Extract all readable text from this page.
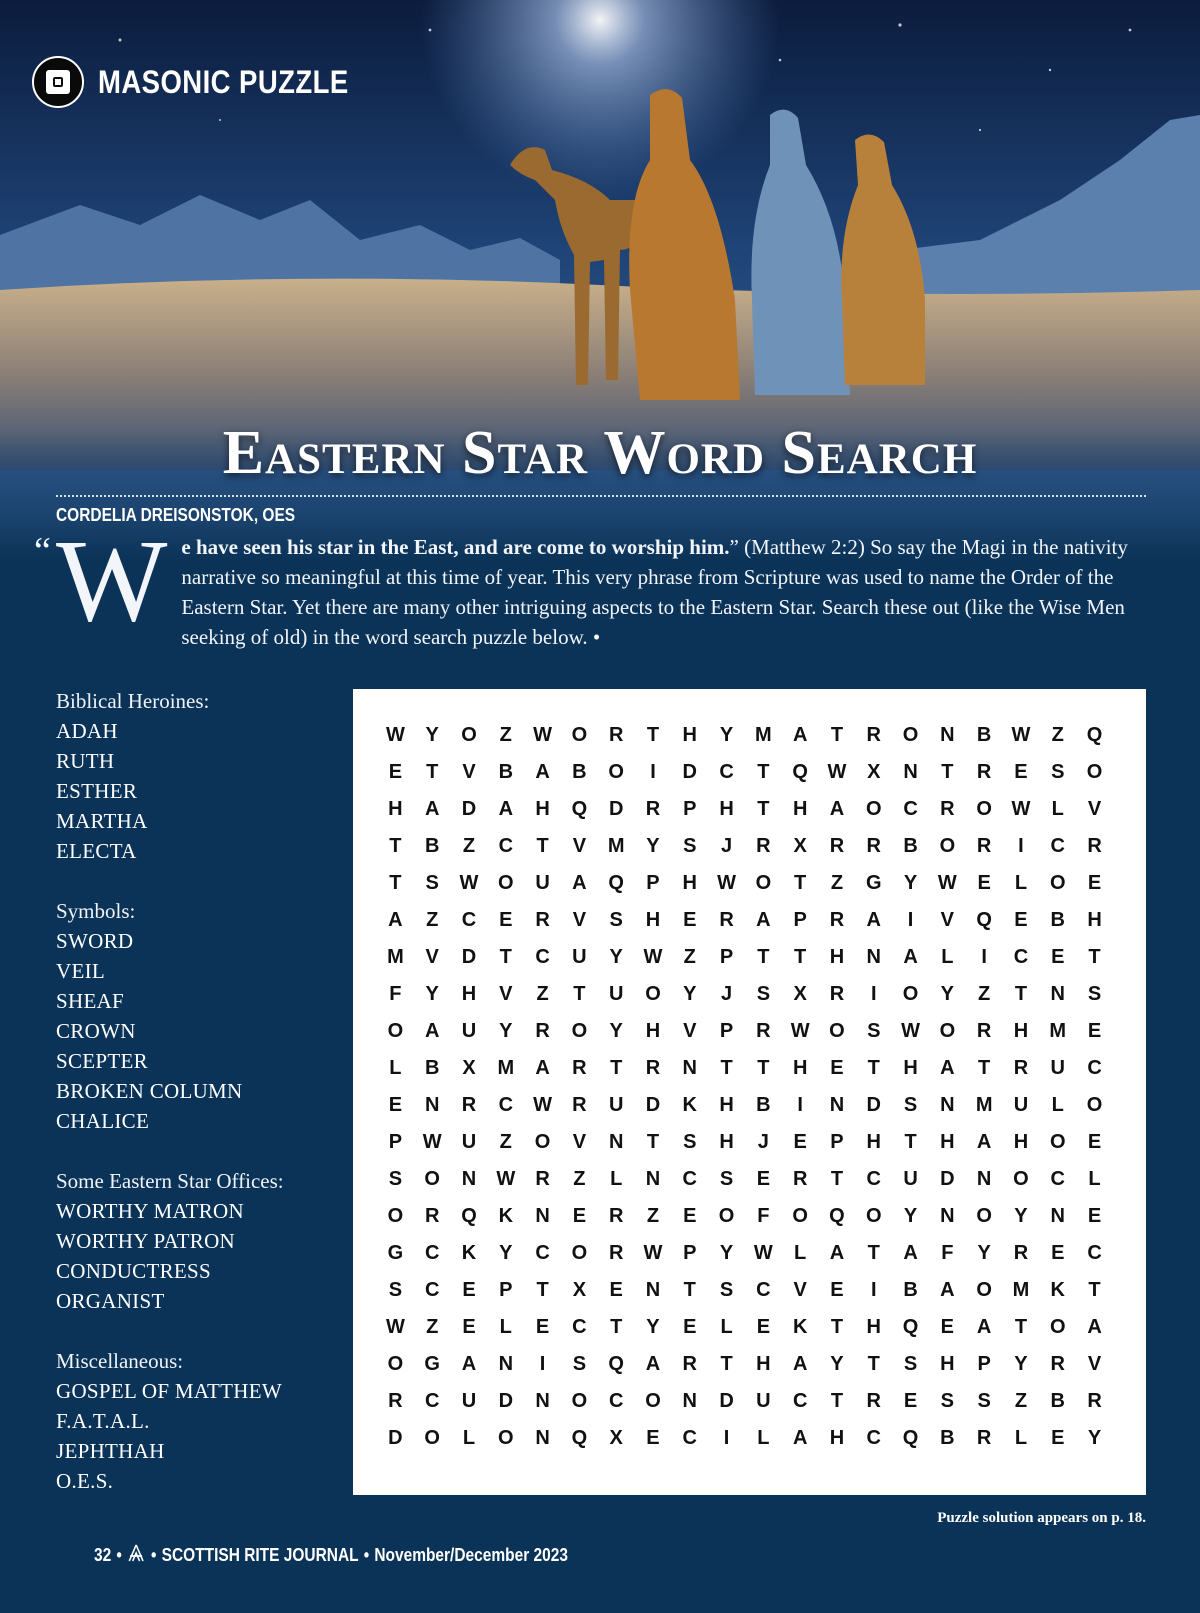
MASONIC PUZZLE
Eastern Star Word Search
CORDELIA DREISONSTOK, OES
“ W e have seen his star in the East, and are come to worship him.” (Matthew 2:2) So say the Magi in the nativity narrative so meaningful at this time of year. This very phrase from Scripture was used to name the Order of the Eastern Star. Yet there are many other intriguing aspects to the Eastern Star. Search these out (like the Wise Men seeking of old) in the word search puzzle below. •
Biblical Heroines:
ADAH
RUTH
ESTHER
MARTHA
ELECTA
Symbols:
SWORD
VEIL
SHEAF
CROWN
SCEPTER
BROKEN COLUMN
CHALICE
Some Eastern Star Offices:
WORTHY MATRON
WORTHY PATRON
CONDUCTRESS
ORGANIST
Miscellaneous:
GOSPEL OF MATTHEW
F.A.T.A.L.
JEPHTHAH
O.E.S.
W	Y	O	Z	W O	R	T	H	Y	M	A	T	R	O	N	B	W	Z	Q
E	T	V	B	A	B	O	I	D	C	T	Q W	X	N	T	R	E	S	O
H	A	D	A	H	Q	D	R	P	H	T	H	A	O	C	R	O W	L	V
T	B	Z	C	T	V	M	Y	S	J	R	X	R	R	B	O	R	I	C	R
T	S	W O	U	A	Q	P	H	W O	T	Z	G	Y	W	E	L	O	E
A	Z	C	E	R	V	S	H	E	R	A	P	R	A	I	V	Q	E	B	H
M	V	D	T	C	U	Y	W	Z	P	T	T	H	N	A	L	I	C	E	T
F	Y	H	V	Z	T	U	O	Y	J	S	X	R	I	O	Y	Z	T	N	S
O	A	U	Y	R	O	Y	H	V	P	R	W O	S	W O	R	H	M	E
L	B	X	M	A	R	T	R	N	T	T	H	E	T	H	A	T	R	U	C
E	N	R	C	W	R	U	D	K	H	B	I	N	D	S	N	M	U	L	O
P	W	U	Z	O	V	N	T	S	H	J	E	P	H	T	H	A	H	O	E
S	O	N	W	R	Z	L	N	C	S	E	R	T	C	U	D	N	O	C	L
O	R	Q	K	N	E	R	Z	E	O	F	O	Q	O	Y	N	O	Y	N	E
G	C	K	Y	C	O	R	W	P	Y	W	L	A	T	A	F	Y	R	E	C
S	C	E	P	T	X	E	N	T	S	C	V	E	I	B	A	O	M	K	T
W	Z	E	L	E	C	T	Y	E	L	E	K	T	H	Q	E	A	T	O	A
O	G	A	N	I	S	Q	A	R	T	H	A	Y	T	S	H	P	Y	R	V
R	C	U	D	N	O	C	O	N	D	U	C	T	R	E	S	S	Z	B	R
D	O	L	O	N	Q	X	E	C	I	L	A	H	C	Q	B	R	L	E	Y
Puzzle solution appears on p. 18.
32 • • SCOTTISH RITE JOURNAL • November/December 2023
